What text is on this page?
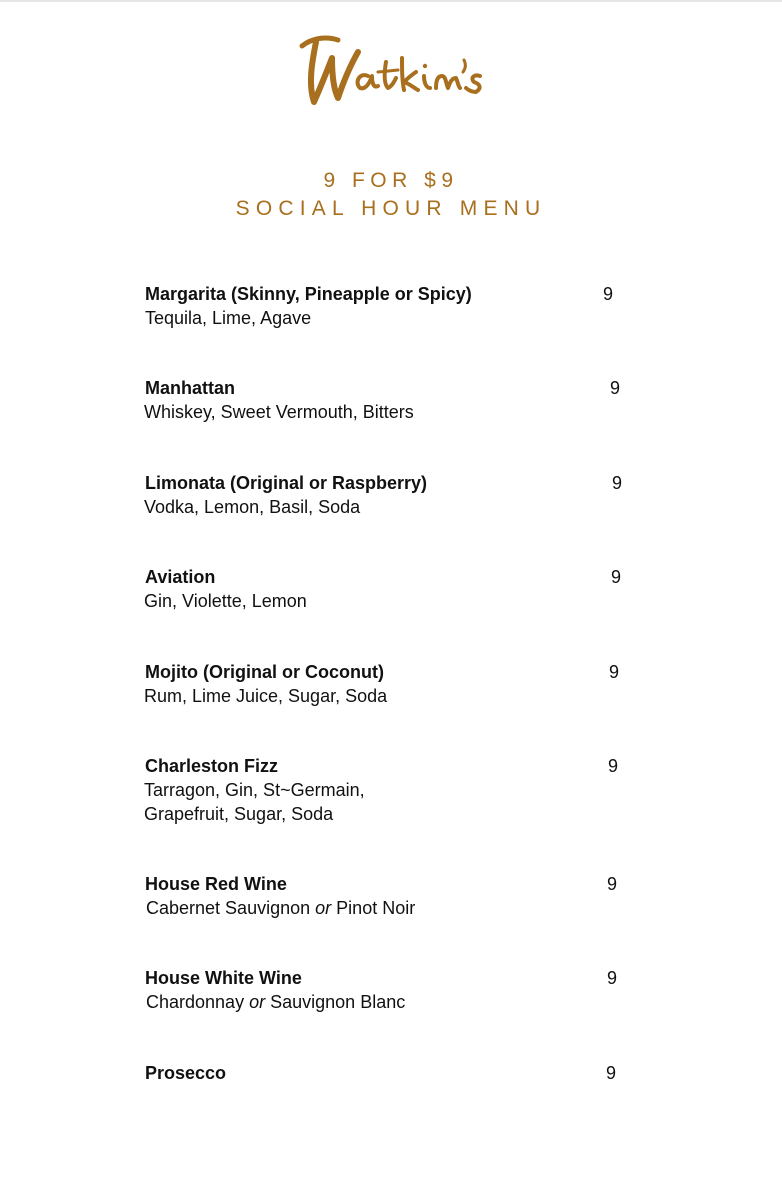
9 FOR $9
SOCIAL HOUR MENU
Margarita (Skinny, Pineapple or Spicy)	9
Tequila, Lime, Agave
Manhattan	9
Whiskey, Sweet Vermouth, Bitters
Limonata (Original or Raspberry)	9
Vodka, Lemon, Basil, Soda
Aviation	9
Gin, Violette, Lemon
Mojito (Original or Coconut)	9
Rum, Lime Juice, Sugar, Soda
Charleston Fizz	9
Tarragon, Gin, St~Germain,
Grapefruit, Sugar, Soda
House Red Wine	9
Cabernet Sauvignon or Pinot Noir
House White Wine	9
Chardonnay or Sauvignon Blanc
Prosecco	9
